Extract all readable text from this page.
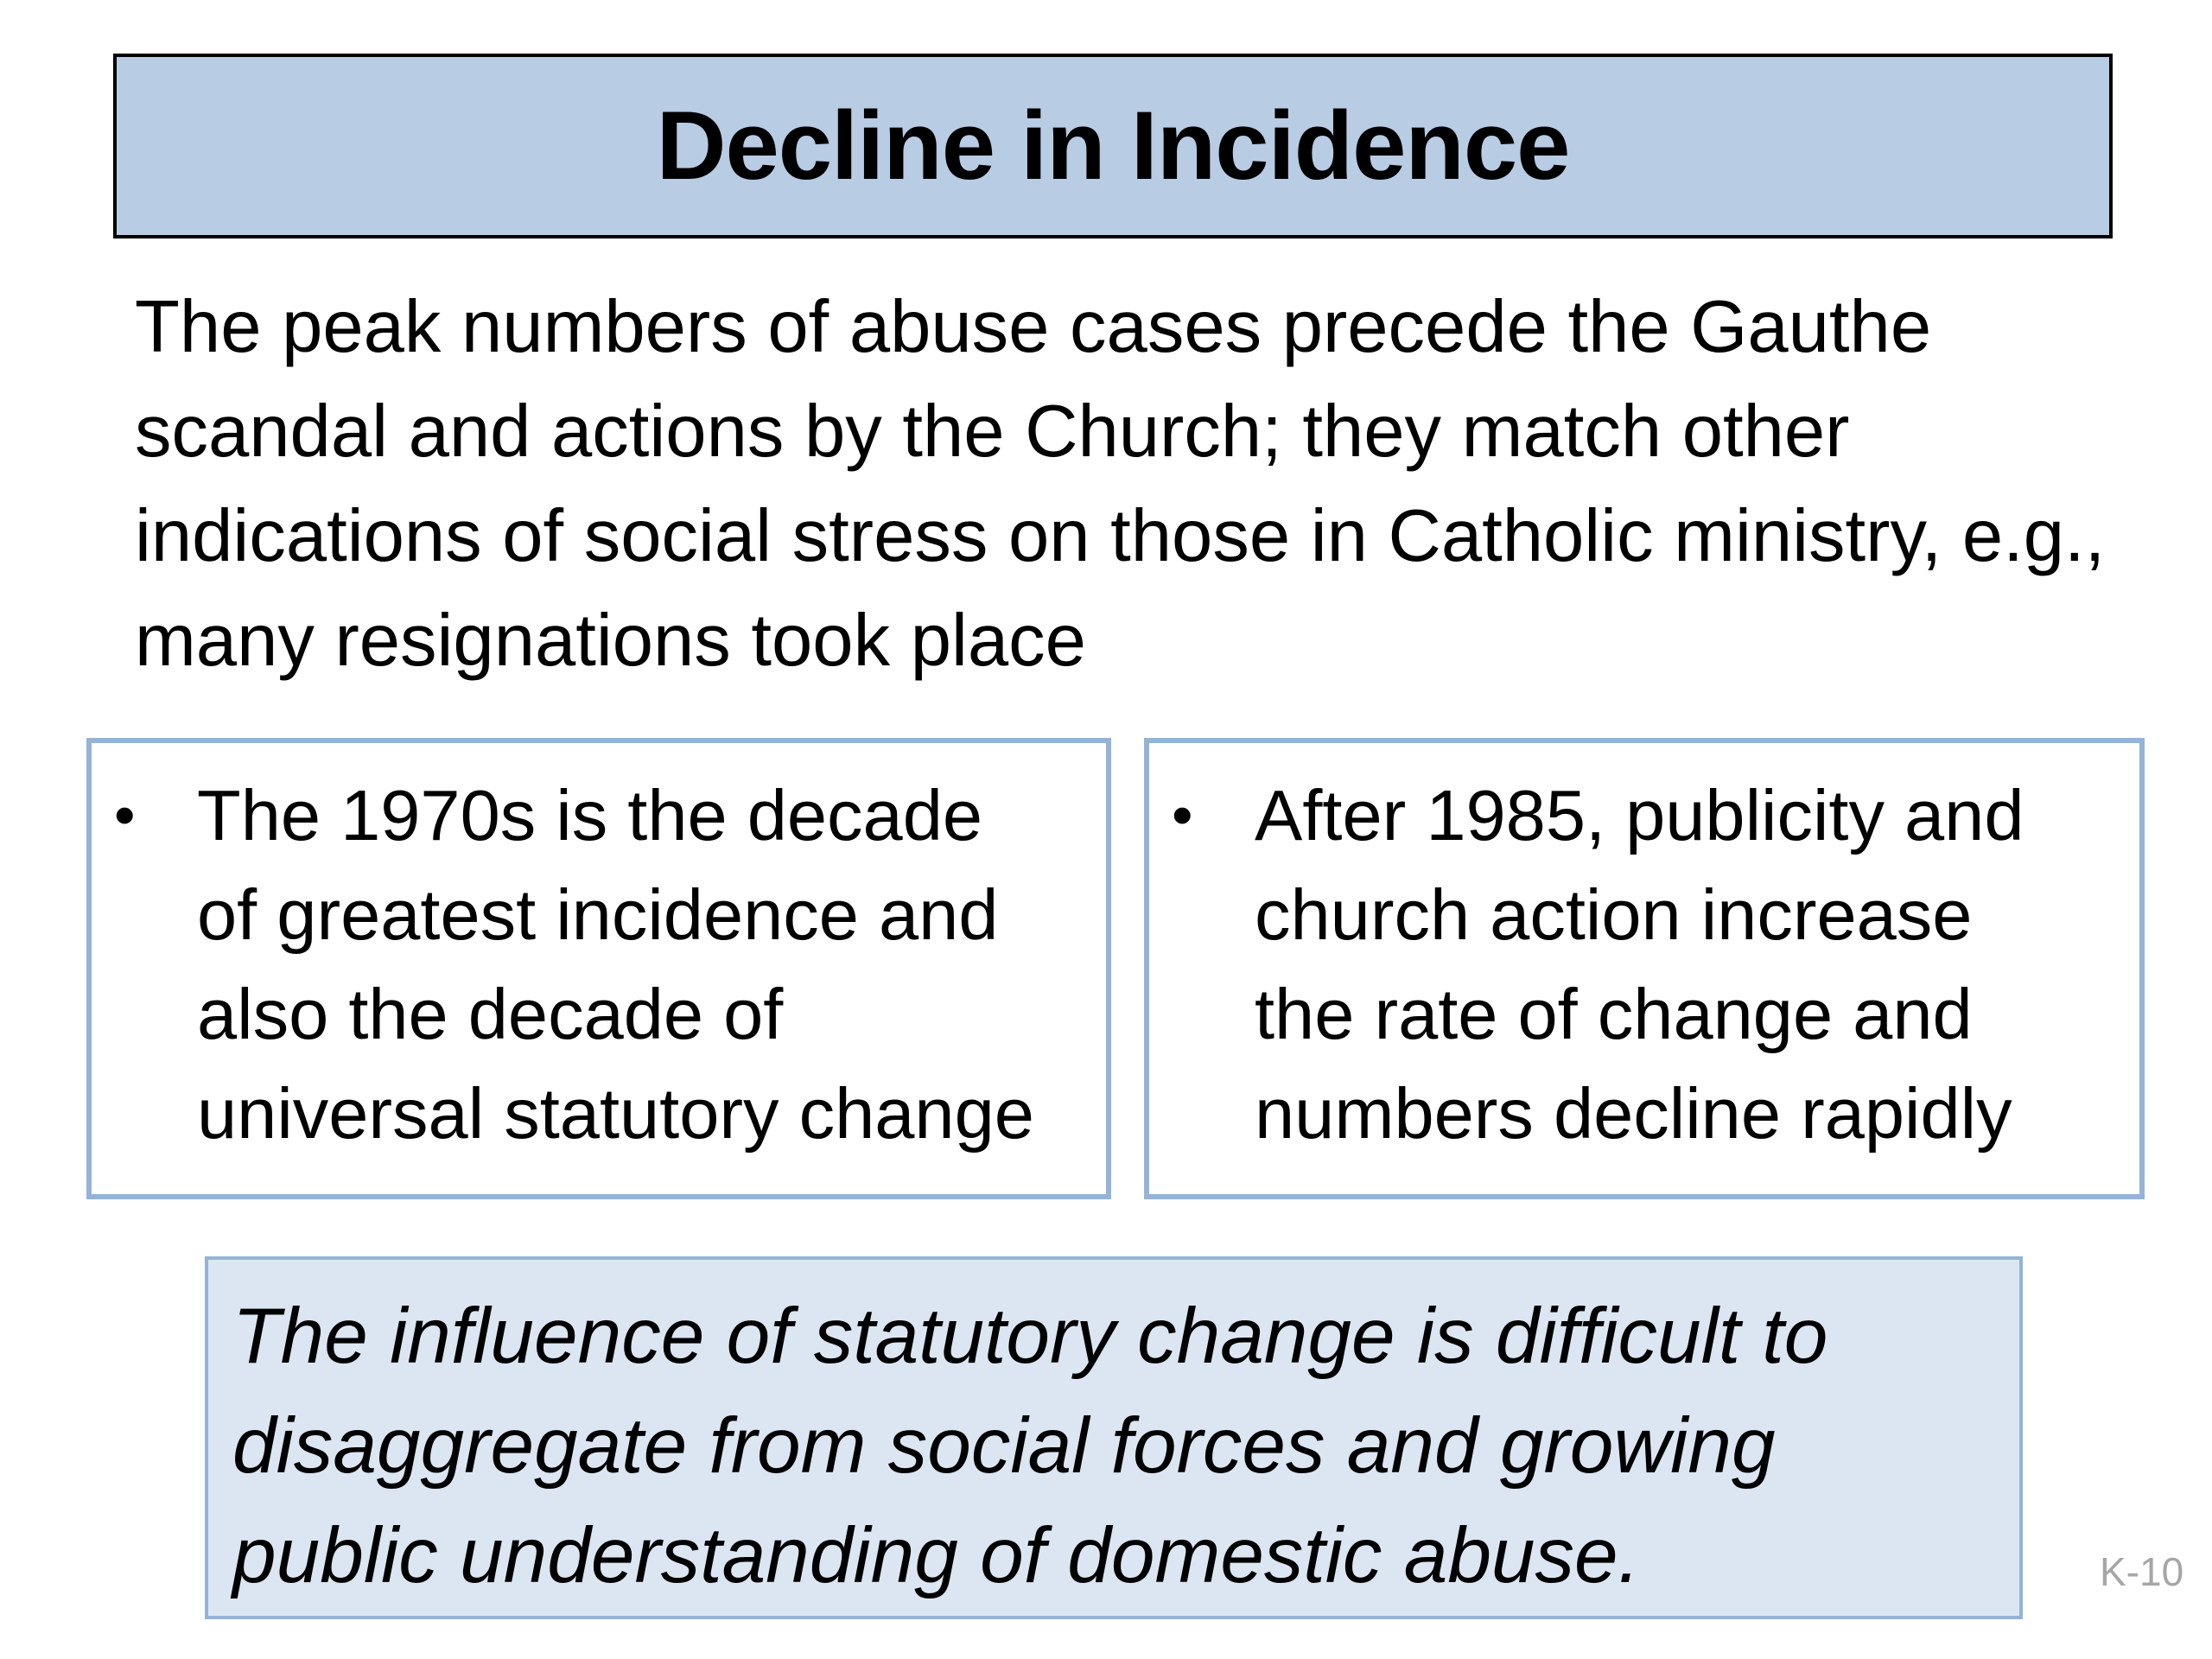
Decline in Incidence
The peak numbers of abuse cases precede the Gauthe scandal and actions by the Church; they match other indications of social stress on those in Catholic ministry, e.g., many resignations took place
• The 1970s is the decade
of greatest incidence and
also the decade of
universal statutory change
• After 1985, publicity and
church action increase
the rate of change and
numbers decline rapidly
The influence of statutory change is difficult to
disaggregate from social forces and growing
public understanding of domestic abuse.	K-10
